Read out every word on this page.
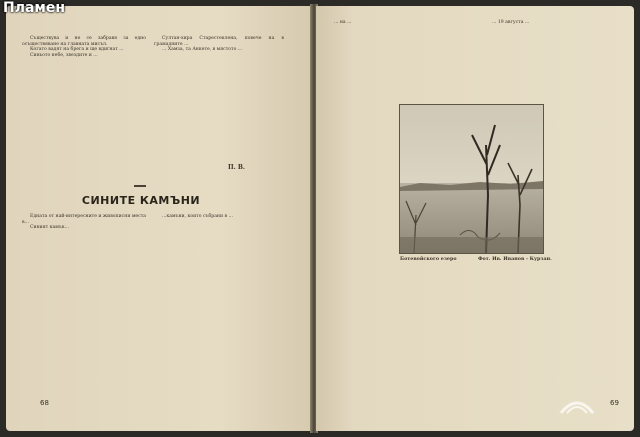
Съществува и не се забравя за едно осъществяване на главната мисъл.

Когато вадят на брега и ще вдигнат ...

Синьото небе, звездите и ...

Султан-хира Старестеклена, повече на в грамадните ...

... Хамза, та Анкете, в мястото ...

П. В.
СИНИТЕ КАМЪНИ

Едната от най-интересните и живописни места в...

Синият камък...

...камъни, които събрани в ...

68

... на ...	... 19 августа ...

Ботевойского езеро	Фот. Ив. Иванов - Курзан.
69
Пламен
